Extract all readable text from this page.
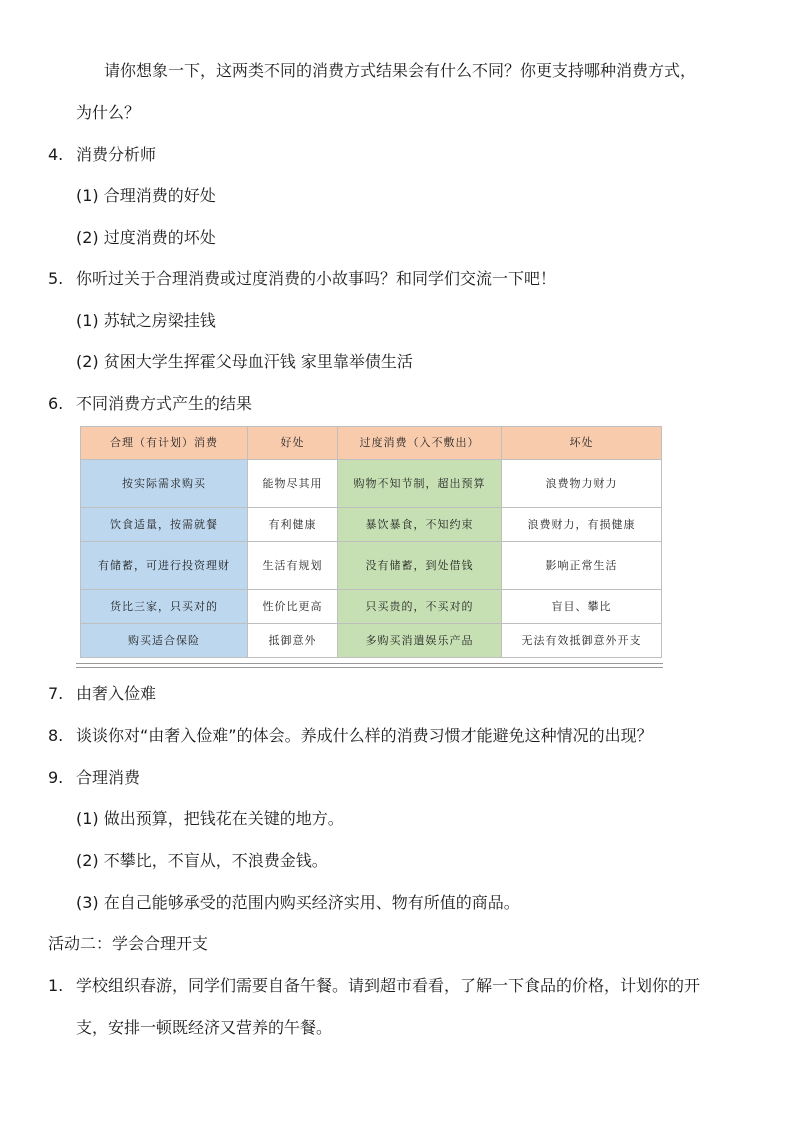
请你想象一下，这两类不同的消费方式结果会有什么不同？你更支持哪种消费方式，
为什么？
4. 消费分析师
(1) 合理消费的好处
(2) 过度消费的坏处
5. 你听过关于合理消费或过度消费的小故事吗？和同学们交流一下吧！
(1) 苏轼之房梁挂钱
(2) 贫困大学生挥霍父母血汗钱 家里靠举债生活
6. 不同消费方式产生的结果
合理（有计划）消费	好处	过度消费（入不敷出）	坏处
按实际需求购买	能物尽其用	购物不知节制，超出预算	浪费物力财力
饮食适量，按需就餐	有利健康	暴饮暴食，不知约束	浪费财力，有损健康
有储蓄，可进行投资理财	生活有规划	没有储蓄，到处借钱	影响正常生活
货比三家，只买对的	性价比更高	只买贵的，不买对的	盲目、攀比
购买适合保险	抵御意外	多购买消遣娱乐产品	无法有效抵御意外开支
7. 由奢入俭难
8. 谈谈你对“由奢入俭难”的体会。养成什么样的消费习惯才能避免这种情况的出现？
9. 合理消费
(1) 做出预算，把钱花在关键的地方。
(2) 不攀比，不盲从，不浪费金钱。
(3) 在自己能够承受的范围内购买经济实用、物有所值的商品。
活动二：学会合理开支
1. 学校组织春游，同学们需要自备午餐。请到超市看看，了解一下食品的价格，计划你的开
支，安排一顿既经济又营养的午餐。
